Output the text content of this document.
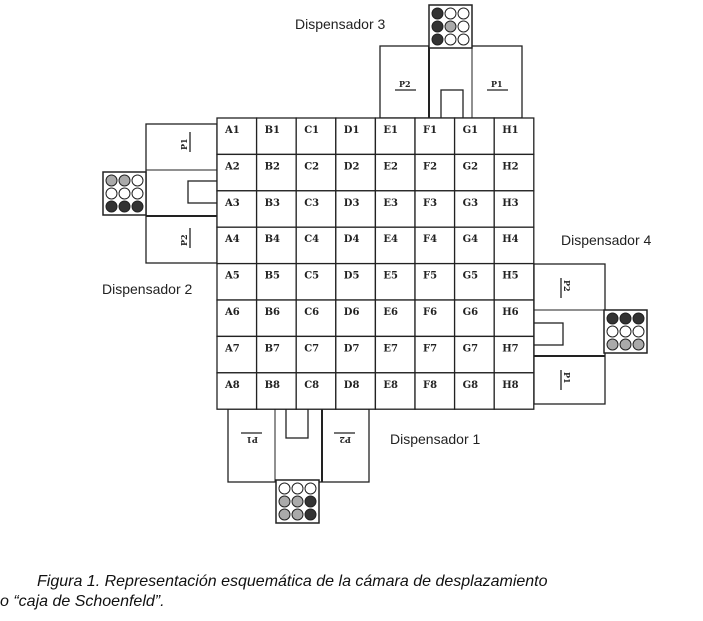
P2	P1
P1
P2
P2
P1
P1	P2
A1 B1 C1 D1 E1	F1	G1 H1
A2 B2 C2 D2 E2	F2	G2 H2
A3 B3 C3 D3 E3	F3	G3 H3
A4 B4 C4 D4 E4	F4	G4 H4
A5 B5 C5 D5 E5	F5	G5 H5
A6 B6 C6 D6 E6	F6	G6 H6
A7 B7 C7 D7 E7	F7	G7 H7
A8 B8 C8 D8 E8	F8	G8 H8
Dispensador 3
Dispensador 2
Dispensador 4
Dispensador 1
Figura 1. Representación esquemática de la cámara de desplazamiento
o “caja de Schoenfeld”.
